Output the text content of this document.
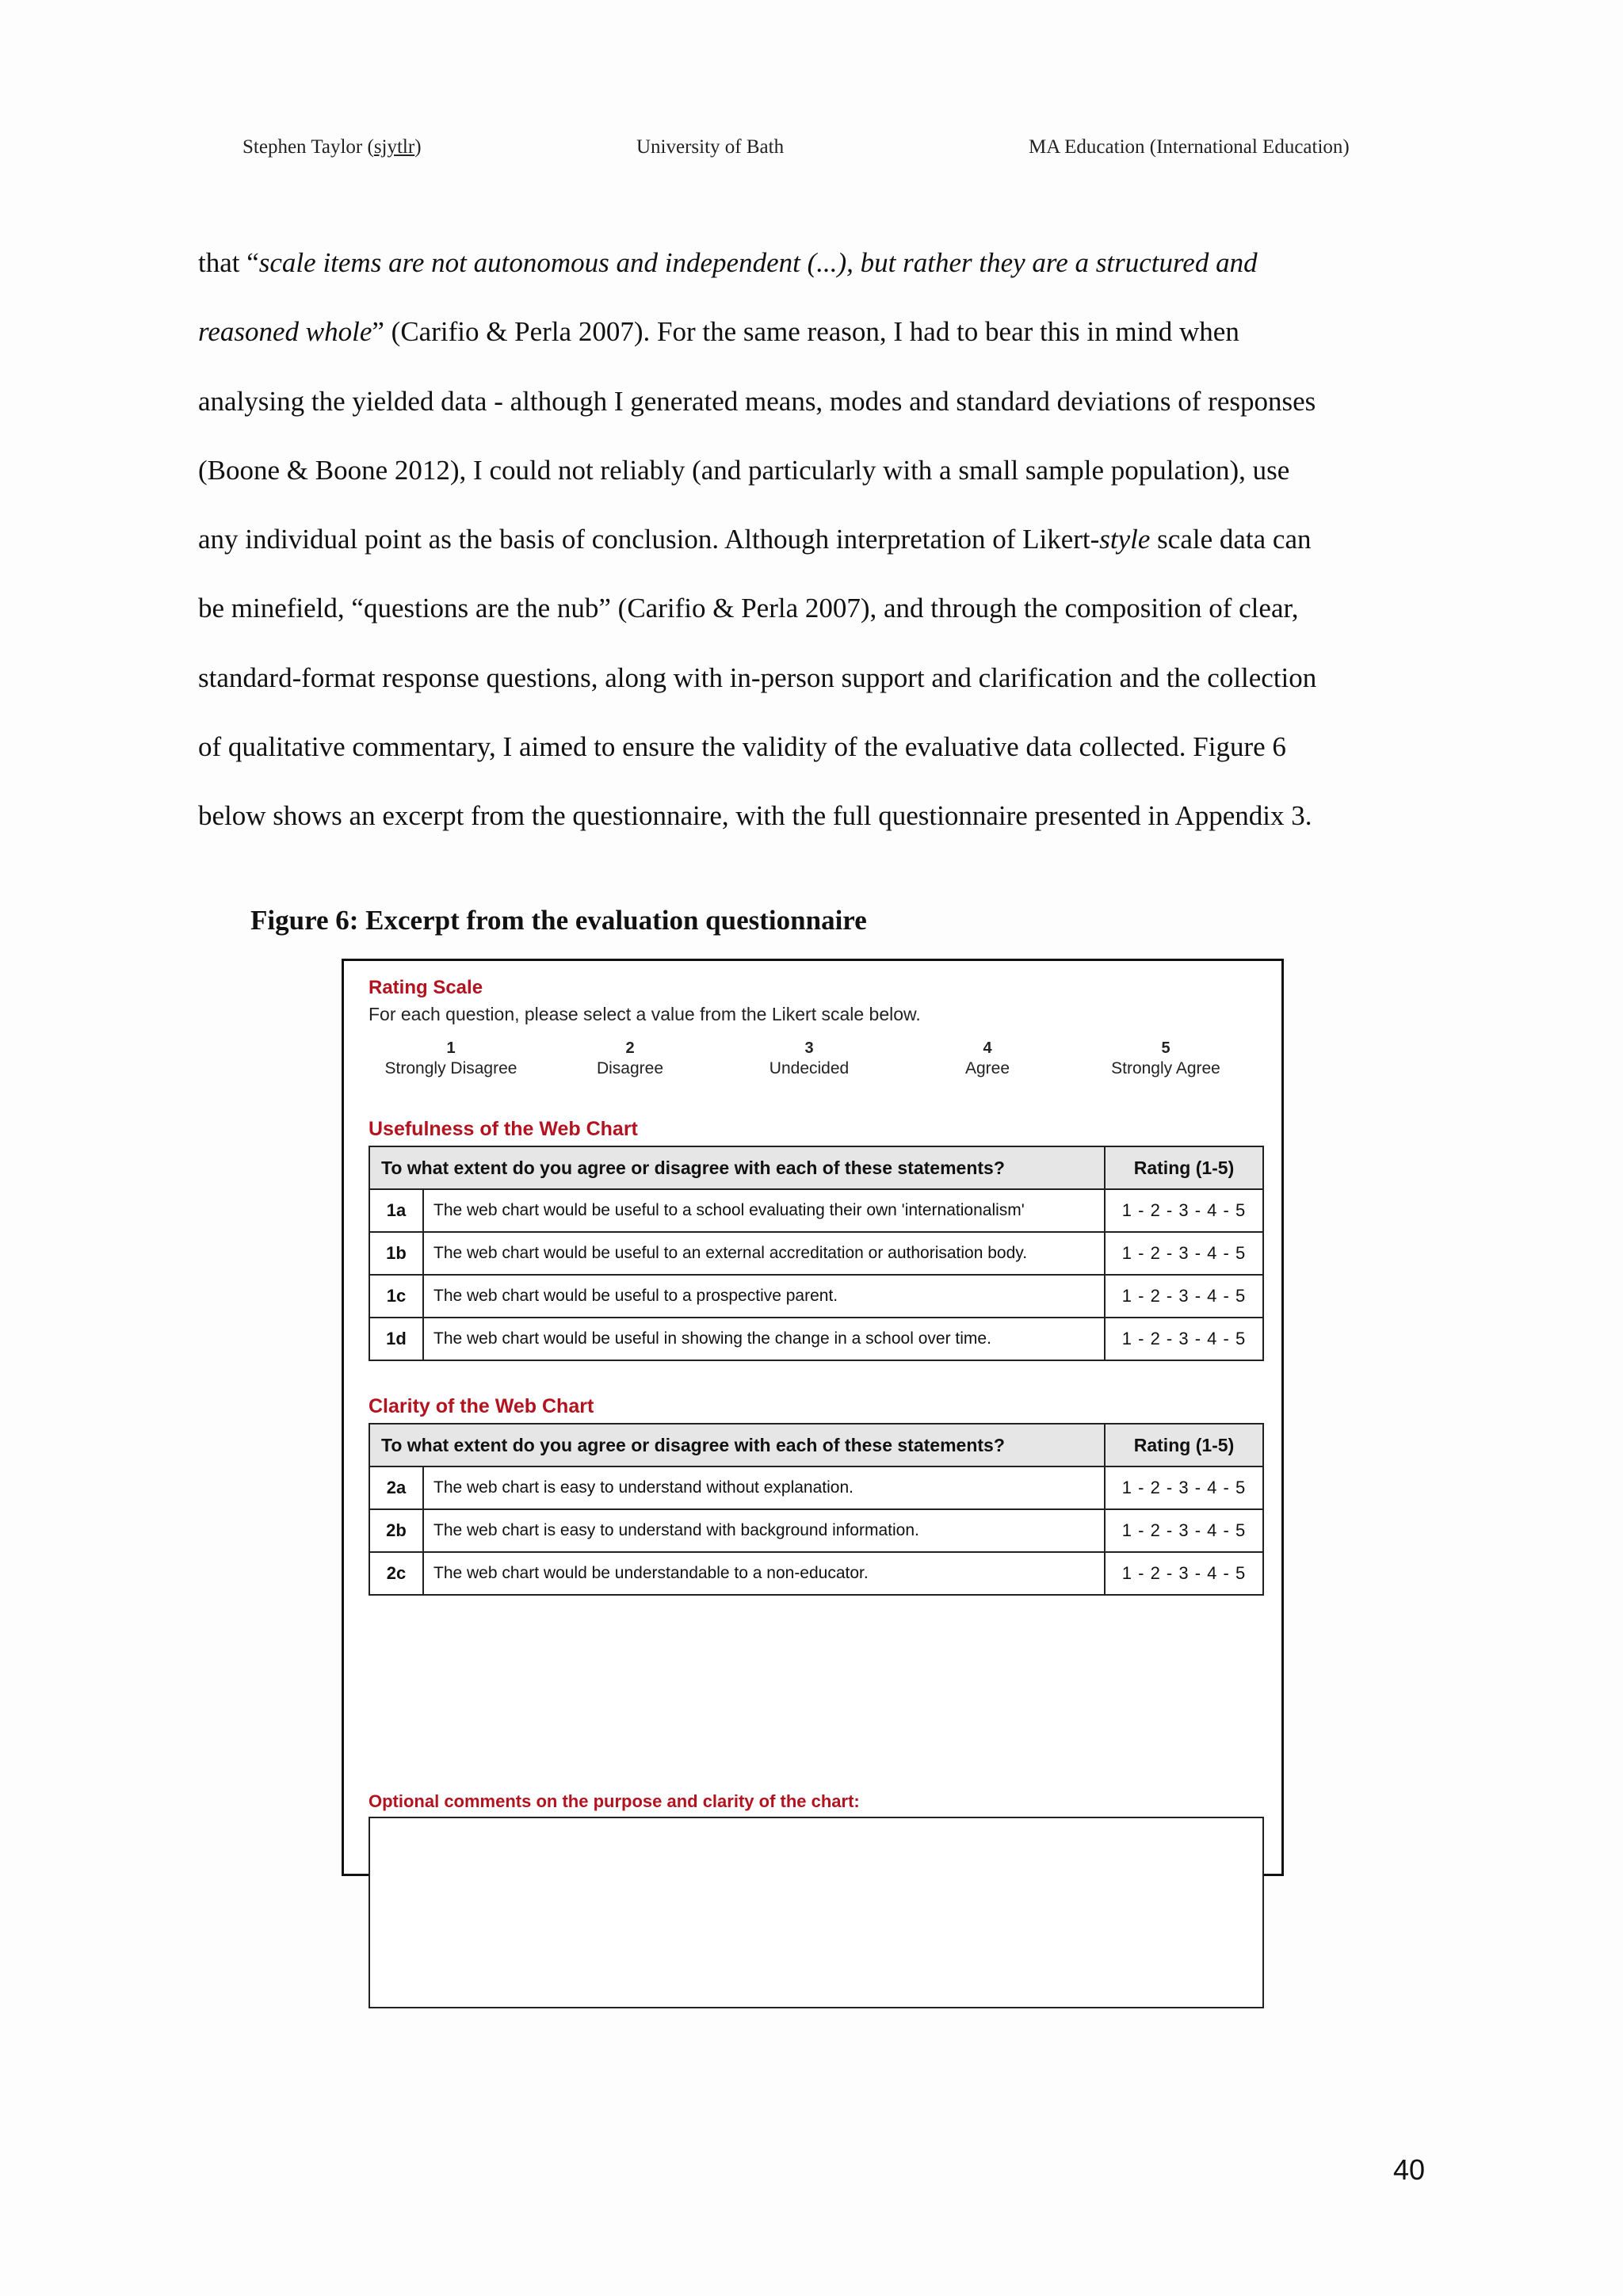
Stephen Taylor (sjytlr)	University of Bath	MA Education (International Education)

that “scale items are not autonomous and independent (...), but rather they are a structured and

reasoned whole” (Carifio & Perla 2007). For the same reason, I had to bear this in mind when

analysing the yielded data - although I generated means, modes and standard deviations of responses

(Boone & Boone 2012), I could not reliably (and particularly with a small sample population), use

any individual point as the basis of conclusion. Although interpretation of Likert-style scale data can

be minefield, “questions are the nub” (Carifio & Perla 2007), and through the composition of clear,

standard-format response questions, along with in-person support and clarification and the collection

of qualitative commentary, I aimed to ensure the validity of the evaluative data collected. Figure 6

below shows an excerpt from the questionnaire, with the full questionnaire presented in Appendix 3.

Figure 6: Excerpt from the evaluation questionnaire
Rating Scale
For each question, please select a value from the Likert scale below.
1
Strongly Disagree
2
Disagree
3
Undecided
4
Agree
5
Strongly Agree
Usefulness of the Web Chart
To what extent do you agree or disagree with each of these statements?		Rating (1-5)
1a	The web chart would be useful to a school evaluating their own 'internationalism'	1 - 2 - 3 - 4 - 5
1b	The web chart would be useful to an external accreditation or authorisation body.	1 - 2 - 3 - 4 - 5
1c	The web chart would be useful to a prospective parent.	1 - 2 - 3 - 4 - 5
1d	The web chart would be useful in showing the change in a school over time.	1 - 2 - 3 - 4 - 5
Clarity of the Web Chart
To what extent do you agree or disagree with each of these statements?		Rating (1-5)
2a	The web chart is easy to understand without explanation.	1 - 2 - 3 - 4 - 5
2b	The web chart is easy to understand with background information.	1 - 2 - 3 - 4 - 5
2c	The web chart would be understandable to a non-educator.	1 - 2 - 3 - 4 - 5
Optional comments on the purpose and clarity of the chart:
40
